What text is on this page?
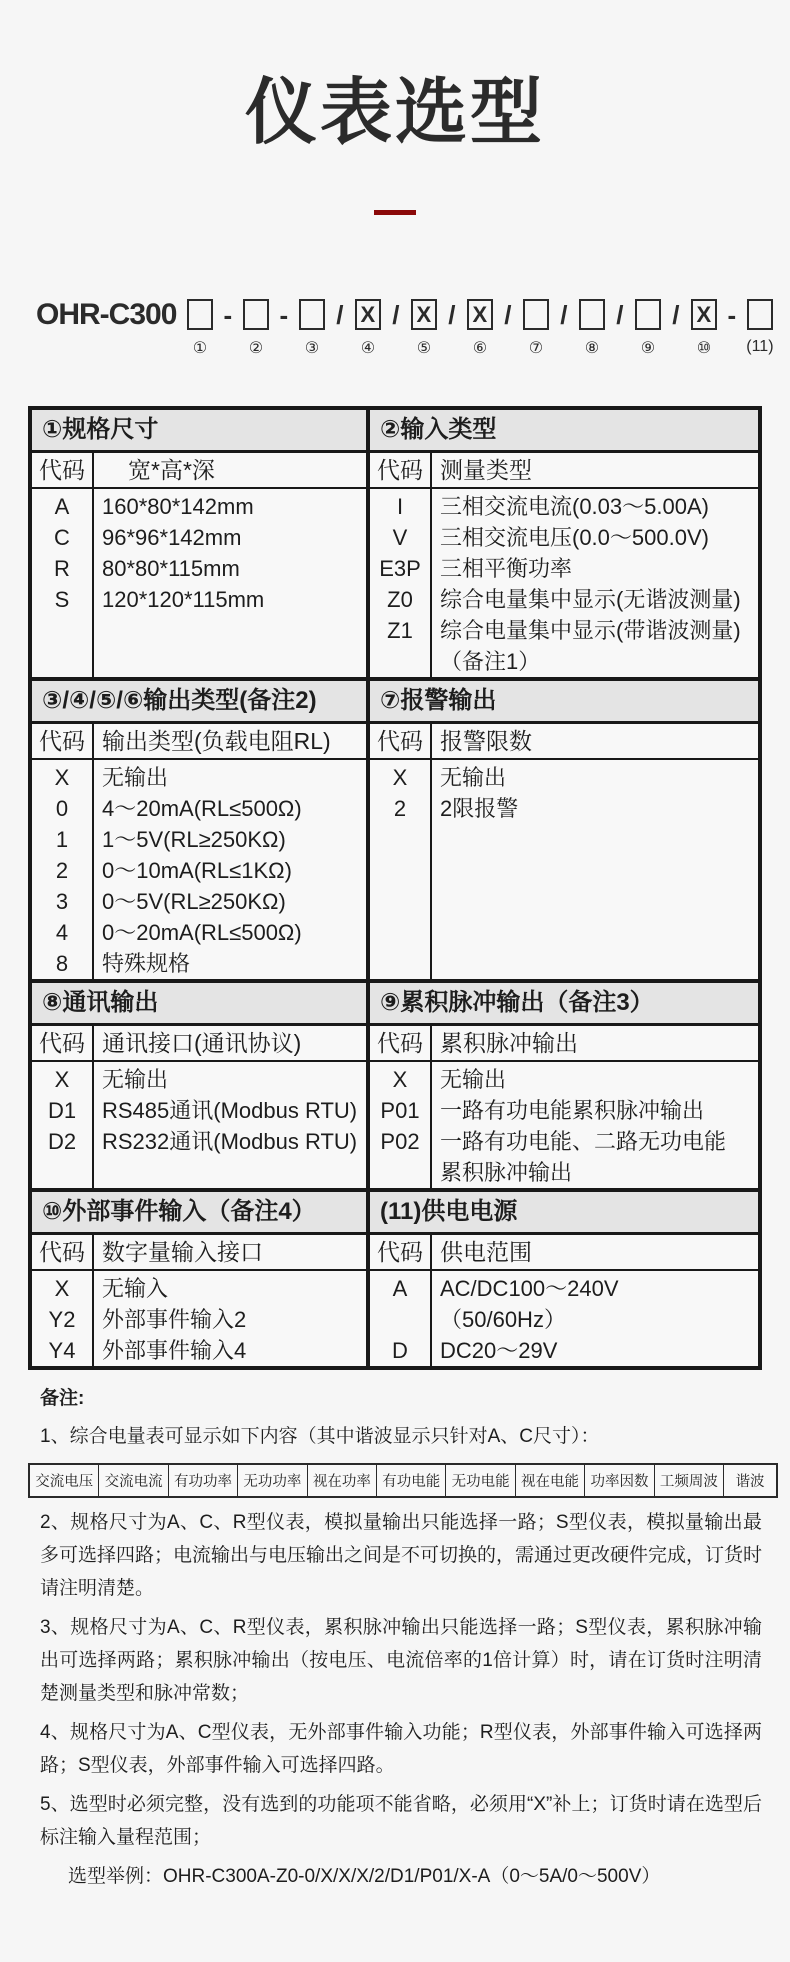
仪表选型
OHR-C300
①
-
②
-
③
/ X
④
/ X
⑤
/ X
⑥
/
⑦
/
⑧
/
⑨
/ X
⑩
-
(11)
①规格尺寸
代码	宽*高*深
A
C
R
S
160*80*142mm
96*96*142mm
80*80*115mm
120*120*115mm
②输入类型
代码 测量类型
I
V
E3P
Z0
Z1
三相交流电流(0.03～5.00A)
三相交流电压(0.0～500.0V)
三相平衡功率
综合电量集中显示(无谐波测量)
综合电量集中显示(带谐波测量)
（备注1）
③/④/⑤/⑥输出类型(备注2)
代码 输出类型(负载电阻RL)
X
0
1
2
3
4
8
无输出
4～20mA(RL≤500Ω)
1～5V(RL≥250KΩ)
0～10mA(RL≤1KΩ)
0～5V(RL≥250KΩ)
0～20mA(RL≤500Ω)
特殊规格
⑦报警输出
代码 报警限数
X
2
无输出
2限报警
⑧通讯输出
代码 通讯接口(通讯协议)
X
D1
D2
无输出
RS485通讯(Modbus RTU)
RS232通讯(Modbus RTU)
⑨累积脉冲输出（备注3）
代码 累积脉冲输出
X
P01
P02
无输出
一路有功电能累积脉冲输出
一路有功电能、二路无功电能
累积脉冲输出
⑩外部事件输入（备注4）
代码 数字量输入接口
X
Y2
Y4
无输入
外部事件输入2
外部事件输入4
(11)供电电源
代码 供电范围
A
D
AC/DC100～240V
（50/60Hz）
DC20～29V
备注:
1、综合电量表可显示如下内容（其中谐波显示只针对A、C尺寸）：
交流电压 交流电流 有功功率 无功功率 视在功率 有功电能 无功电能 视在电能 功率因数 工频周波	谐波
2、规格尺寸为A、C、R型仪表，模拟量输出只能选择一路；S型仪表，模拟量输出最多可选择四路；电流输出与电压输出之间是不可切换的，需通过更改硬件完成，订货时请注明清楚。
3、规格尺寸为A、C、R型仪表，累积脉冲输出只能选择一路；S型仪表，累积脉冲输出可选择两路；累积脉冲输出（按电压、电流倍率的1倍计算）时，请在订货时注明清楚测量类型和脉冲常数；
4、规格尺寸为A、C型仪表，无外部事件输入功能；R型仪表，外部事件输入可选择两路；S型仪表，外部事件输入可选择四路。
5、选型时必须完整，没有选到的功能项不能省略，必须用“X”补上；订货时请在选型后标注输入量程范围；
选型举例：OHR-C300A-Z0-0/X/X/X/2/D1/P01/X-A（0～5A/0～500V）
